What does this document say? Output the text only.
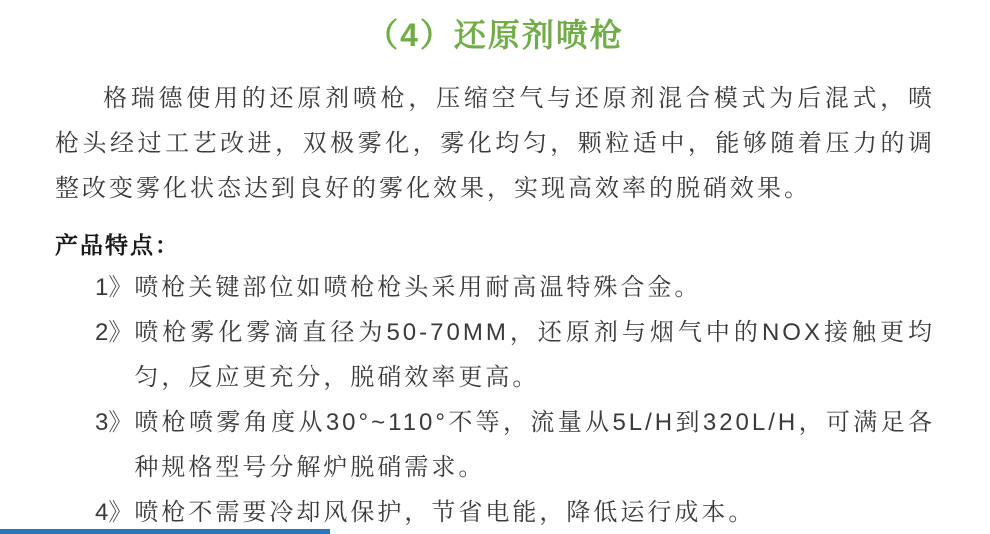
（4）还原剂喷枪

格瑞德使用的还原剂喷枪，压缩空气与还原剂混合模式为后混式，喷枪头经过工艺改进，双极雾化，雾化均匀，颗粒适中，能够随着压力的调整改变雾化状态达到良好的雾化效果，实现高效率的脱硝效果。

产品特点：
1》 喷枪关键部位如喷枪枪头采用耐高温特殊合金。
2》 喷枪雾化雾滴直径为50-70MM，还原剂与烟气中的NOX接触更均匀，反应更充分，脱硝效率更高。
3》 喷枪喷雾角度从30°~110°不等，流量从5L/H到320L/H，可满足各种规格型号分解炉脱硝需求。
4》 喷枪不需要冷却风保护，节省电能，降低运行成本。
